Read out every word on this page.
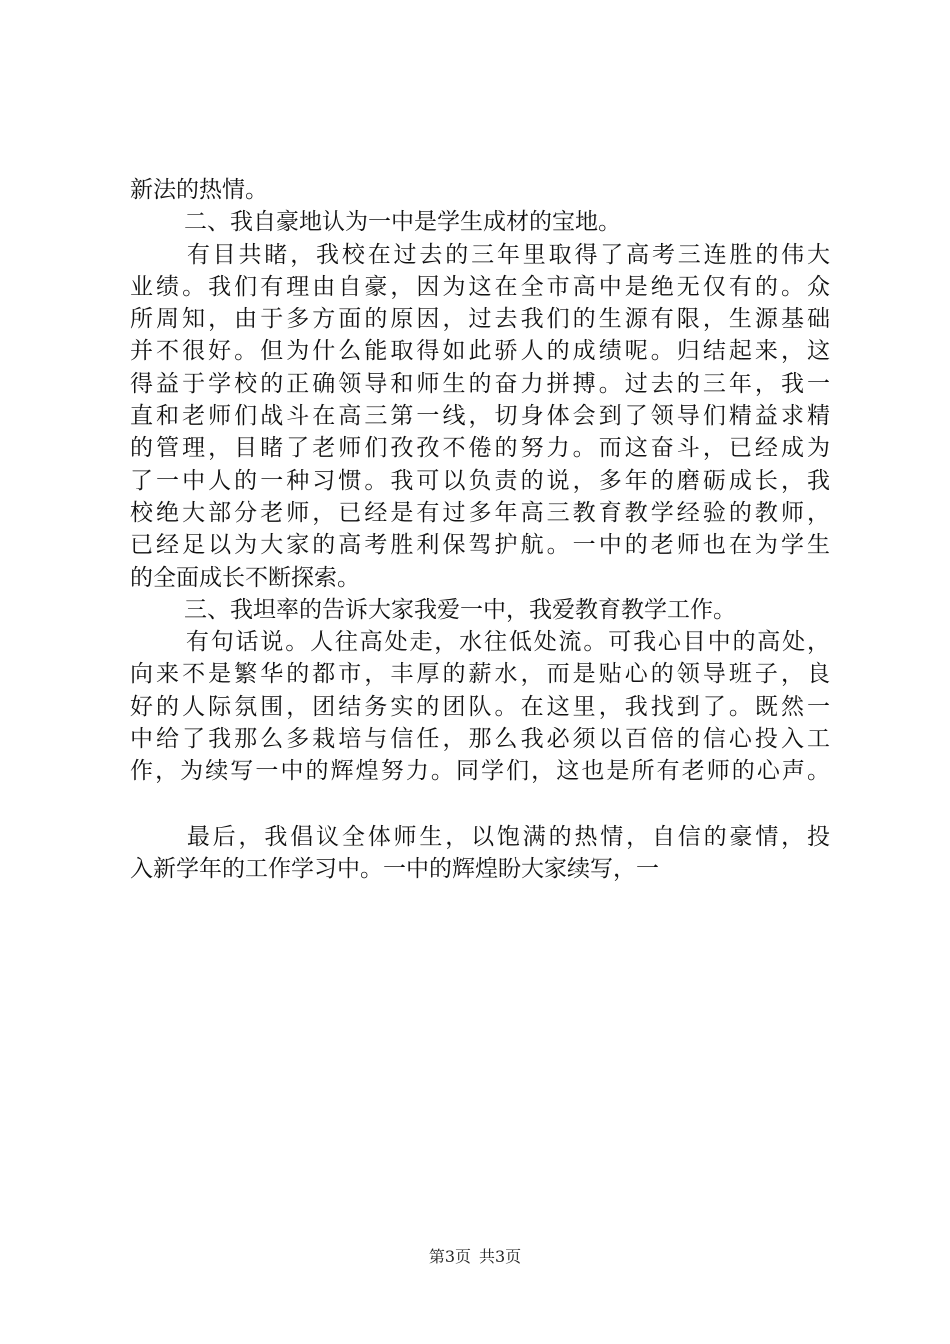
新法的热情。
二、我自豪地认为一中是学生成材的宝地。
有目共睹，我校在过去的三年里取得了高考三连胜的伟大
业绩。我们有理由自豪，因为这在全市高中是绝无仅有的。众
所周知，由于多方面的原因，过去我们的生源有限，生源基础
并不很好。但为什么能取得如此骄人的成绩呢。归结起来，这
得益于学校的正确领导和师生的奋力拼搏。过去的三年，我一
直和老师们战斗在高三第一线，切身体会到了领导们精益求精
的管理，目睹了老师们孜孜不倦的努力。而这奋斗，已经成为
了一中人的一种习惯。我可以负责的说，多年的磨砺成长，我
校绝大部分老师，已经是有过多年高三教育教学经验的教师，
已经足以为大家的高考胜利保驾护航。一中的老师也在为学生
的全面成长不断探索。
三、我坦率的告诉大家我爱一中，我爱教育教学工作。
有句话说。人往高处走，水往低处流。可我心目中的高处，
向来不是繁华的都市，丰厚的薪水，而是贴心的领导班子，良
好的人际氛围，团结务实的团队。在这里，我找到了。既然一
中给了我那么多栽培与信任，那么我必须以百倍的信心投入工
作，为续写一中的辉煌努力。同学们，这也是所有老师的心声。
最后，我倡议全体师生，以饱满的热情，自信的豪情，投
入新学年的工作学习中。一中的辉煌盼大家续写，一
第3页 共3页
